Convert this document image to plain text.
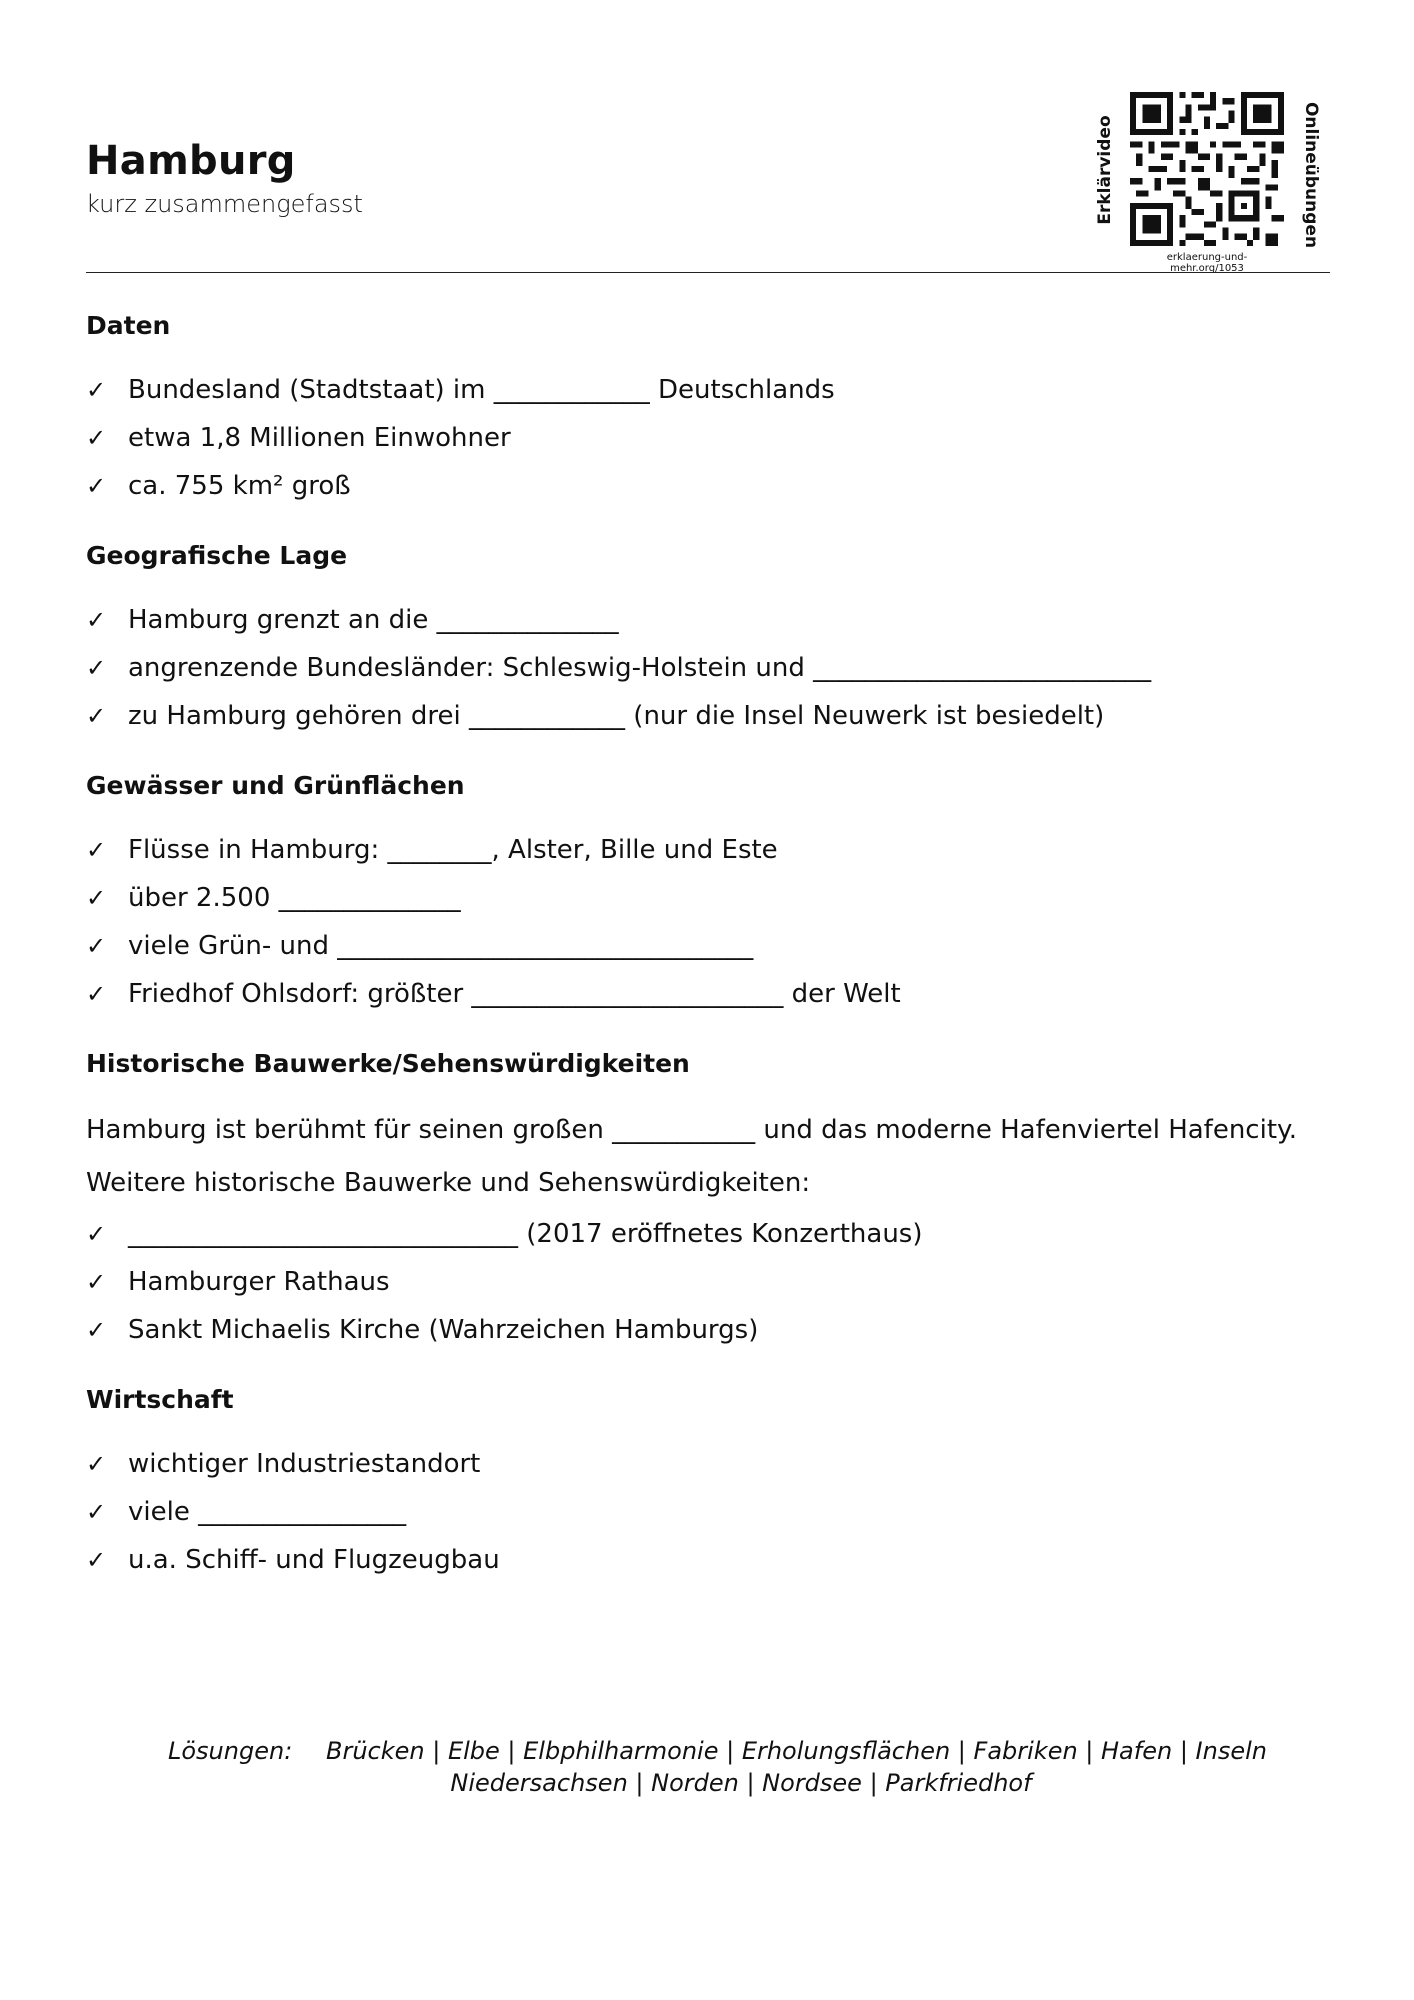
Hamburg
kurz zusammengefasst	Erklärvideo	Onlineübungen
erklaerung-und-mehr.org/1053
Daten
✓ Bundesland (Stadtstaat) im ____________ Deutschlands
✓ etwa 1,8 Millionen Einwohner
✓ ca. 755 km² groß
Geografische Lage
✓ Hamburg grenzt an die ______________
✓ angrenzende Bundesländer: Schleswig-Holstein und __________________________
✓ zu Hamburg gehören drei ____________ (nur die Insel Neuwerk ist besiedelt)
Gewässer und Grünflächen
✓ Flüsse in Hamburg: ________, Alster, Bille und Este
✓ über 2.500 ______________
✓ viele Grün- und ________________________________
✓ Friedhof Ohlsdorf: größter ________________________ der Welt
Historische Bauwerke/Sehenswürdigkeiten
Hamburg ist berühmt für seinen großen ___________ und das moderne Hafenviertel Hafencity.
Weitere historische Bauwerke und Sehenswürdigkeiten:
✓ ______________________________ (2017 eröffnetes Konzerthaus)
✓ Hamburger Rathaus
✓ Sankt Michaelis Kirche (Wahrzeichen Hamburgs)
Wirtschaft
✓ wichtiger Industriestandort
✓ viele ________________
✓ u.a. Schiff- und Flugzeugbau
Lösungen:	Brücken | Elbe | Elbphilharmonie | Erholungsflächen | Fabriken | Hafen | Inseln
Niedersachsen | Norden | Nordsee | Parkfriedhof
